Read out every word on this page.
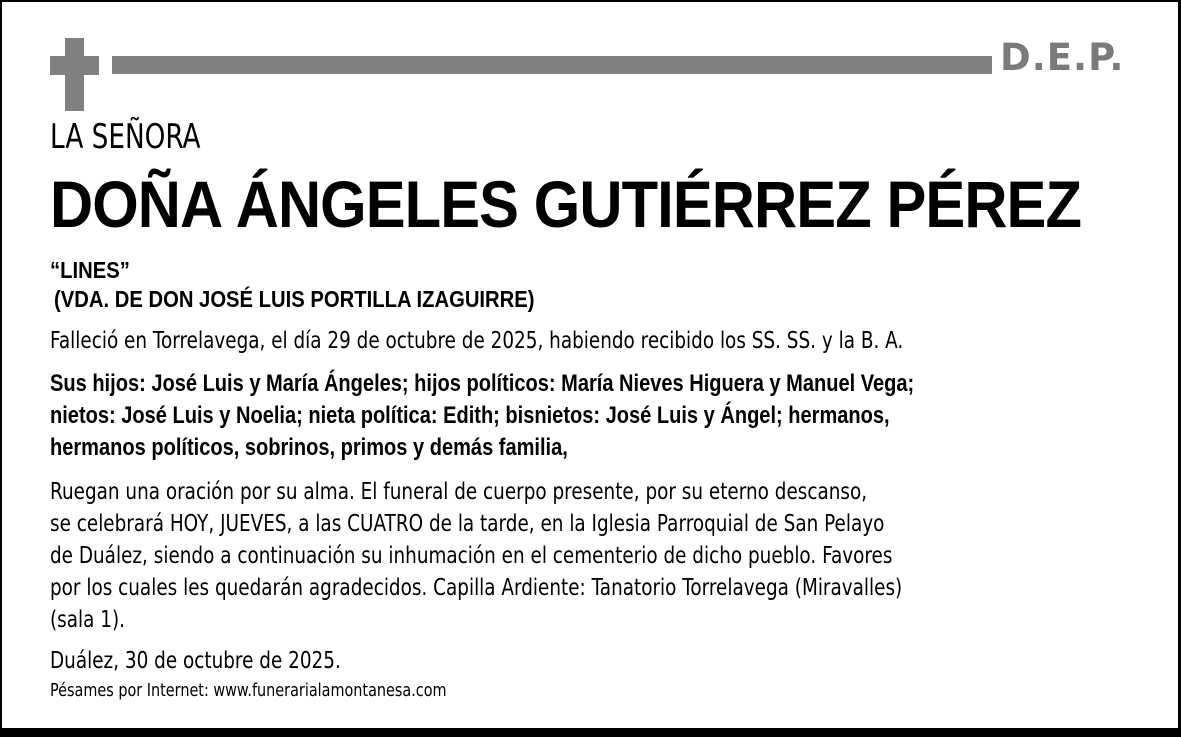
D.E.P.
LA SEÑORA
DOÑA ÁNGELES GUTIÉRREZ PÉREZ
“LINES”
(VDA. DE DON JOSÉ LUIS PORTILLA IZAGUIRRE)
Falleció en Torrelavega, el día 29 de octubre de 2025, habiendo recibido los SS. SS. y la B. A.
Sus hijos: José Luis y María Ángeles; hijos políticos: María Nieves Higuera y Manuel Vega;
nietos: José Luis y Noelia; nieta política: Edith; bisnietos: José Luis y Ángel; hermanos,
hermanos políticos, sobrinos, primos y demás familia,
Ruegan una oración por su alma. El funeral de cuerpo presente, por su eterno descanso,
se celebrará HOY, JUEVES, a las CUATRO de la tarde, en la Iglesia Parroquial de San Pelayo
de Duález, siendo a continuación su inhumación en el cementerio de dicho pueblo. Favores
por los cuales les quedarán agradecidos. Capilla Ardiente: Tanatorio Torrelavega (Miravalles)
(sala 1).
Duález, 30 de octubre de 2025.
Pésames por Internet: www.funerarialamontanesa.com
